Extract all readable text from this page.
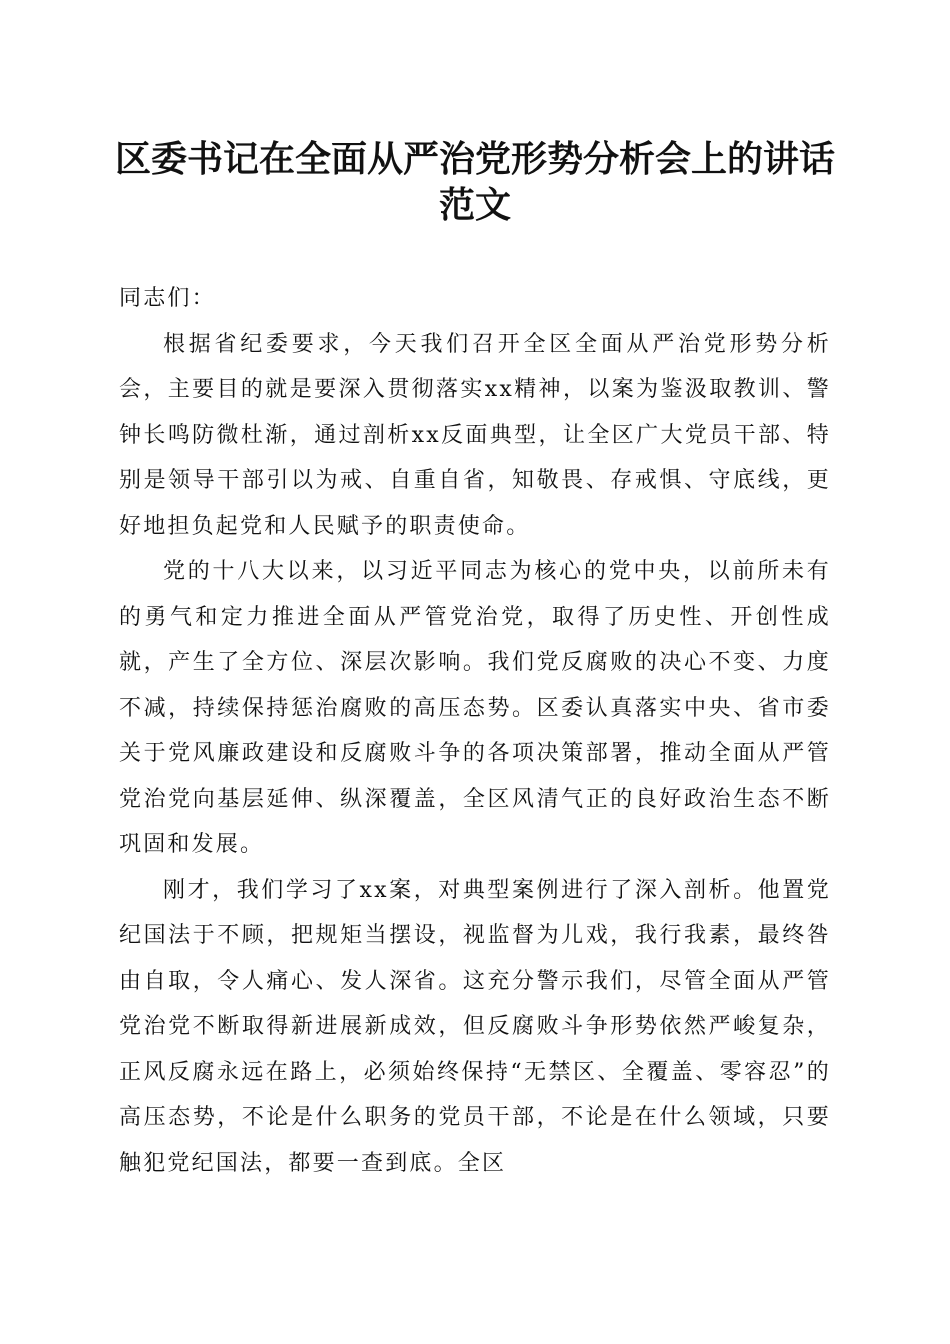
区委书记在全面从严治党形势分析会上的讲话范文

同志们：

根据省纪委要求，今天我们召开全区全面从严治党形势分析会，主要目的就是要深入贯彻落实xx精神，以案为鉴汲取教训、警钟长鸣防微杜渐，通过剖析xx反面典型，让全区广大党员干部、特别是领导干部引以为戒、自重自省，知敬畏、存戒惧、守底线，更好地担负起党和人民赋予的职责使命。

党的十八大以来，以习近平同志为核心的党中央，以前所未有的勇气和定力推进全面从严管党治党，取得了历史性、开创性成就，产生了全方位、深层次影响。我们党反腐败的决心不变、力度不减，持续保持惩治腐败的高压态势。区委认真落实中央、省市委关于党风廉政建设和反腐败斗争的各项决策部署，推动全面从严管党治党向基层延伸、纵深覆盖，全区风清气正的良好政治生态不断巩固和发展。

刚才，我们学习了xx案，对典型案例进行了深入剖析。他置党纪国法于不顾，把规矩当摆设，视监督为儿戏，我行我素，最终咎由自取，令人痛心、发人深省。这充分警示我们，尽管全面从严管党治党不断取得新进展新成效，但反腐败斗争形势依然严峻复杂，正风反腐永远在路上，必须始终保持“无禁区、全覆盖、零容忍”的高压态势，不论是什么职务的党员干部，不论是在什么领域，只要触犯党纪国法，都要一查到底。全区
